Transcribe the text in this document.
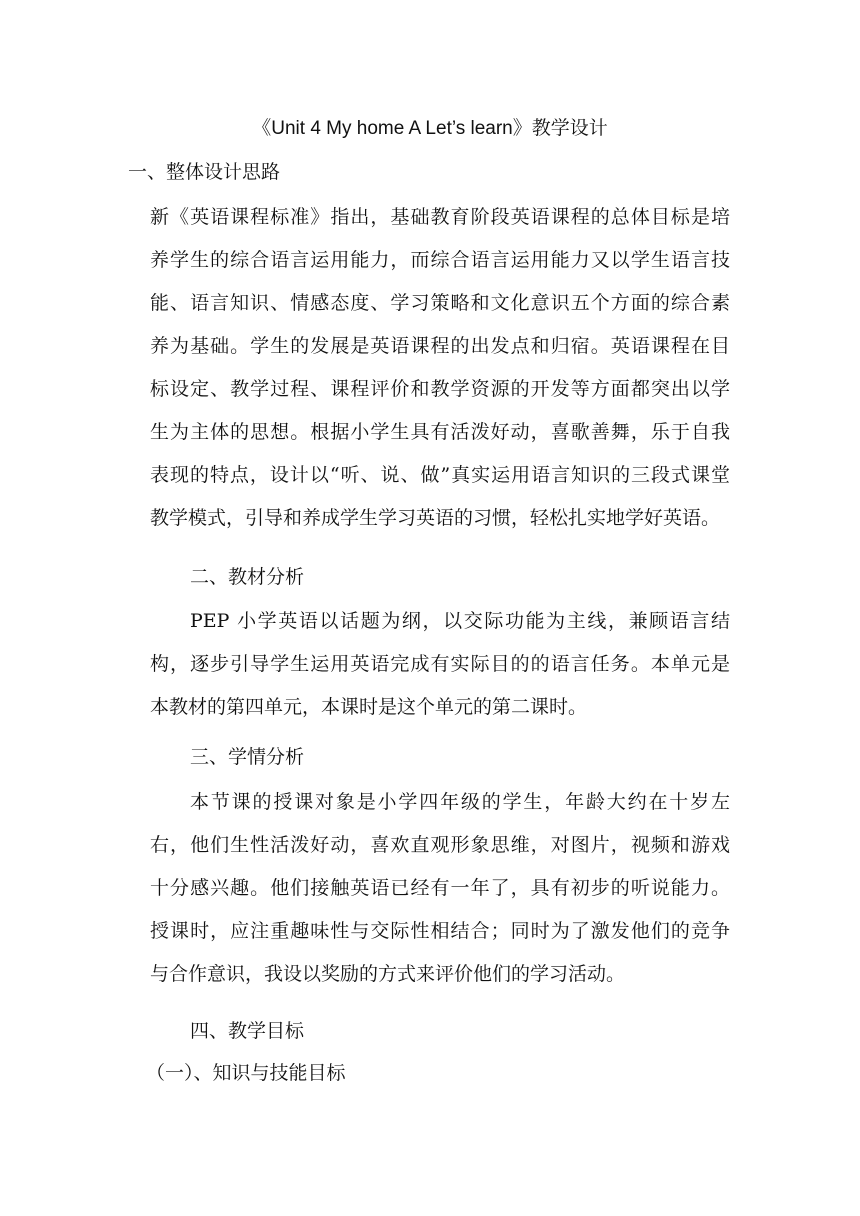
《Unit 4 My home A Let’s learn》教学设计
一、整体设计思路
新《英语课程标准》指出，基础教育阶段英语课程的总体目标是培
养学生的综合语言运用能力，而综合语言运用能力又以学生语言技
能、语言知识、情感态度、学习策略和文化意识五个方面的综合素
养为基础。学生的发展是英语课程的出发点和归宿。英语课程在目
标设定、教学过程、课程评价和教学资源的开发等方面都突出以学
生为主体的思想。根据小学生具有活泼好动，喜歌善舞，乐于自我
表现的特点，设计以“听、说、做”真实运用语言知识的三段式课堂
教学模式，引导和养成学生学习英语的习惯，轻松扎实地学好英语。
二、教材分析
PEP 小学英语以话题为纲，以交际功能为主线，兼顾语言结
构，逐步引导学生运用英语完成有实际目的的语言任务。本单元是
本教材的第四单元，本课时是这个单元的第二课时。
三、学情分析
本节课的授课对象是小学四年级的学生，年龄大约在十岁左
右，他们生性活泼好动，喜欢直观形象思维，对图片，视频和游戏
十分感兴趣。他们接触英语已经有一年了，具有初步的听说能力。
授课时，应注重趣味性与交际性相结合；同时为了激发他们的竞争
与合作意识，我设以奖励的方式来评价他们的学习活动。
四、教学目标
（一）、知识与技能目标
